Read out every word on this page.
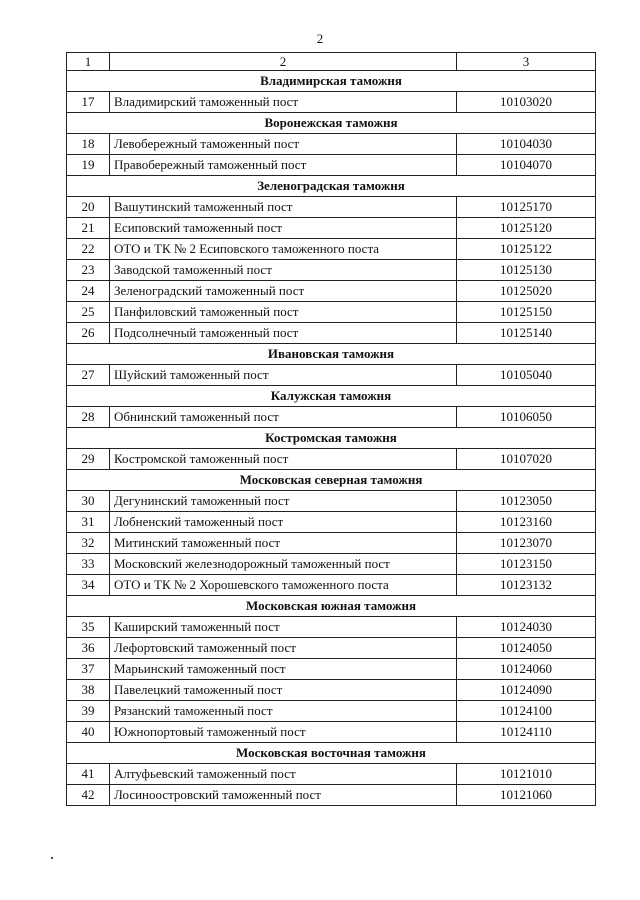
2
1	2	3
Владимирская таможня		
17	Владимирский таможенный пост	10103020
Воронежская таможня		
18	Левобережный таможенный пост	10104030
19	Правобережный таможенный пост	10104070
Зеленоградская таможня		
20	Вашутинский таможенный пост	10125170
21	Есиповский таможенный пост	10125120
22	ОТО и ТК № 2 Есиповского таможенного поста	10125122
23	Заводской таможенный пост	10125130
24	Зеленоградский таможенный пост	10125020
25	Панфиловский таможенный пост	10125150
26	Подсолнечный таможенный пост	10125140
Ивановская таможня		
27	Шуйский таможенный пост	10105040
Калужская таможня		
28	Обнинский таможенный пост	10106050
Костромская таможня		
29	Костромской таможенный пост	10107020
Московская северная таможня		
30	Дегунинский таможенный пост	10123050
31	Лобненский таможенный пост	10123160
32	Митинский таможенный пост	10123070
33	Московский железнодорожный таможенный пост	10123150
34	ОТО и ТК № 2 Хорошевского таможенного поста	10123132
Московская южная таможня		
35	Каширский таможенный пост	10124030
36	Лефортовский таможенный пост	10124050
37	Марьинский таможенный пост	10124060
38	Павелецкий таможенный пост	10124090
39	Рязанский таможенный пост	10124100
40	Южнопортовый таможенный пост	10124110
Московская восточная таможня		
41	Алтуфьевский таможенный пост	10121010
42	Лосиноостровский таможенный пост	10121060
